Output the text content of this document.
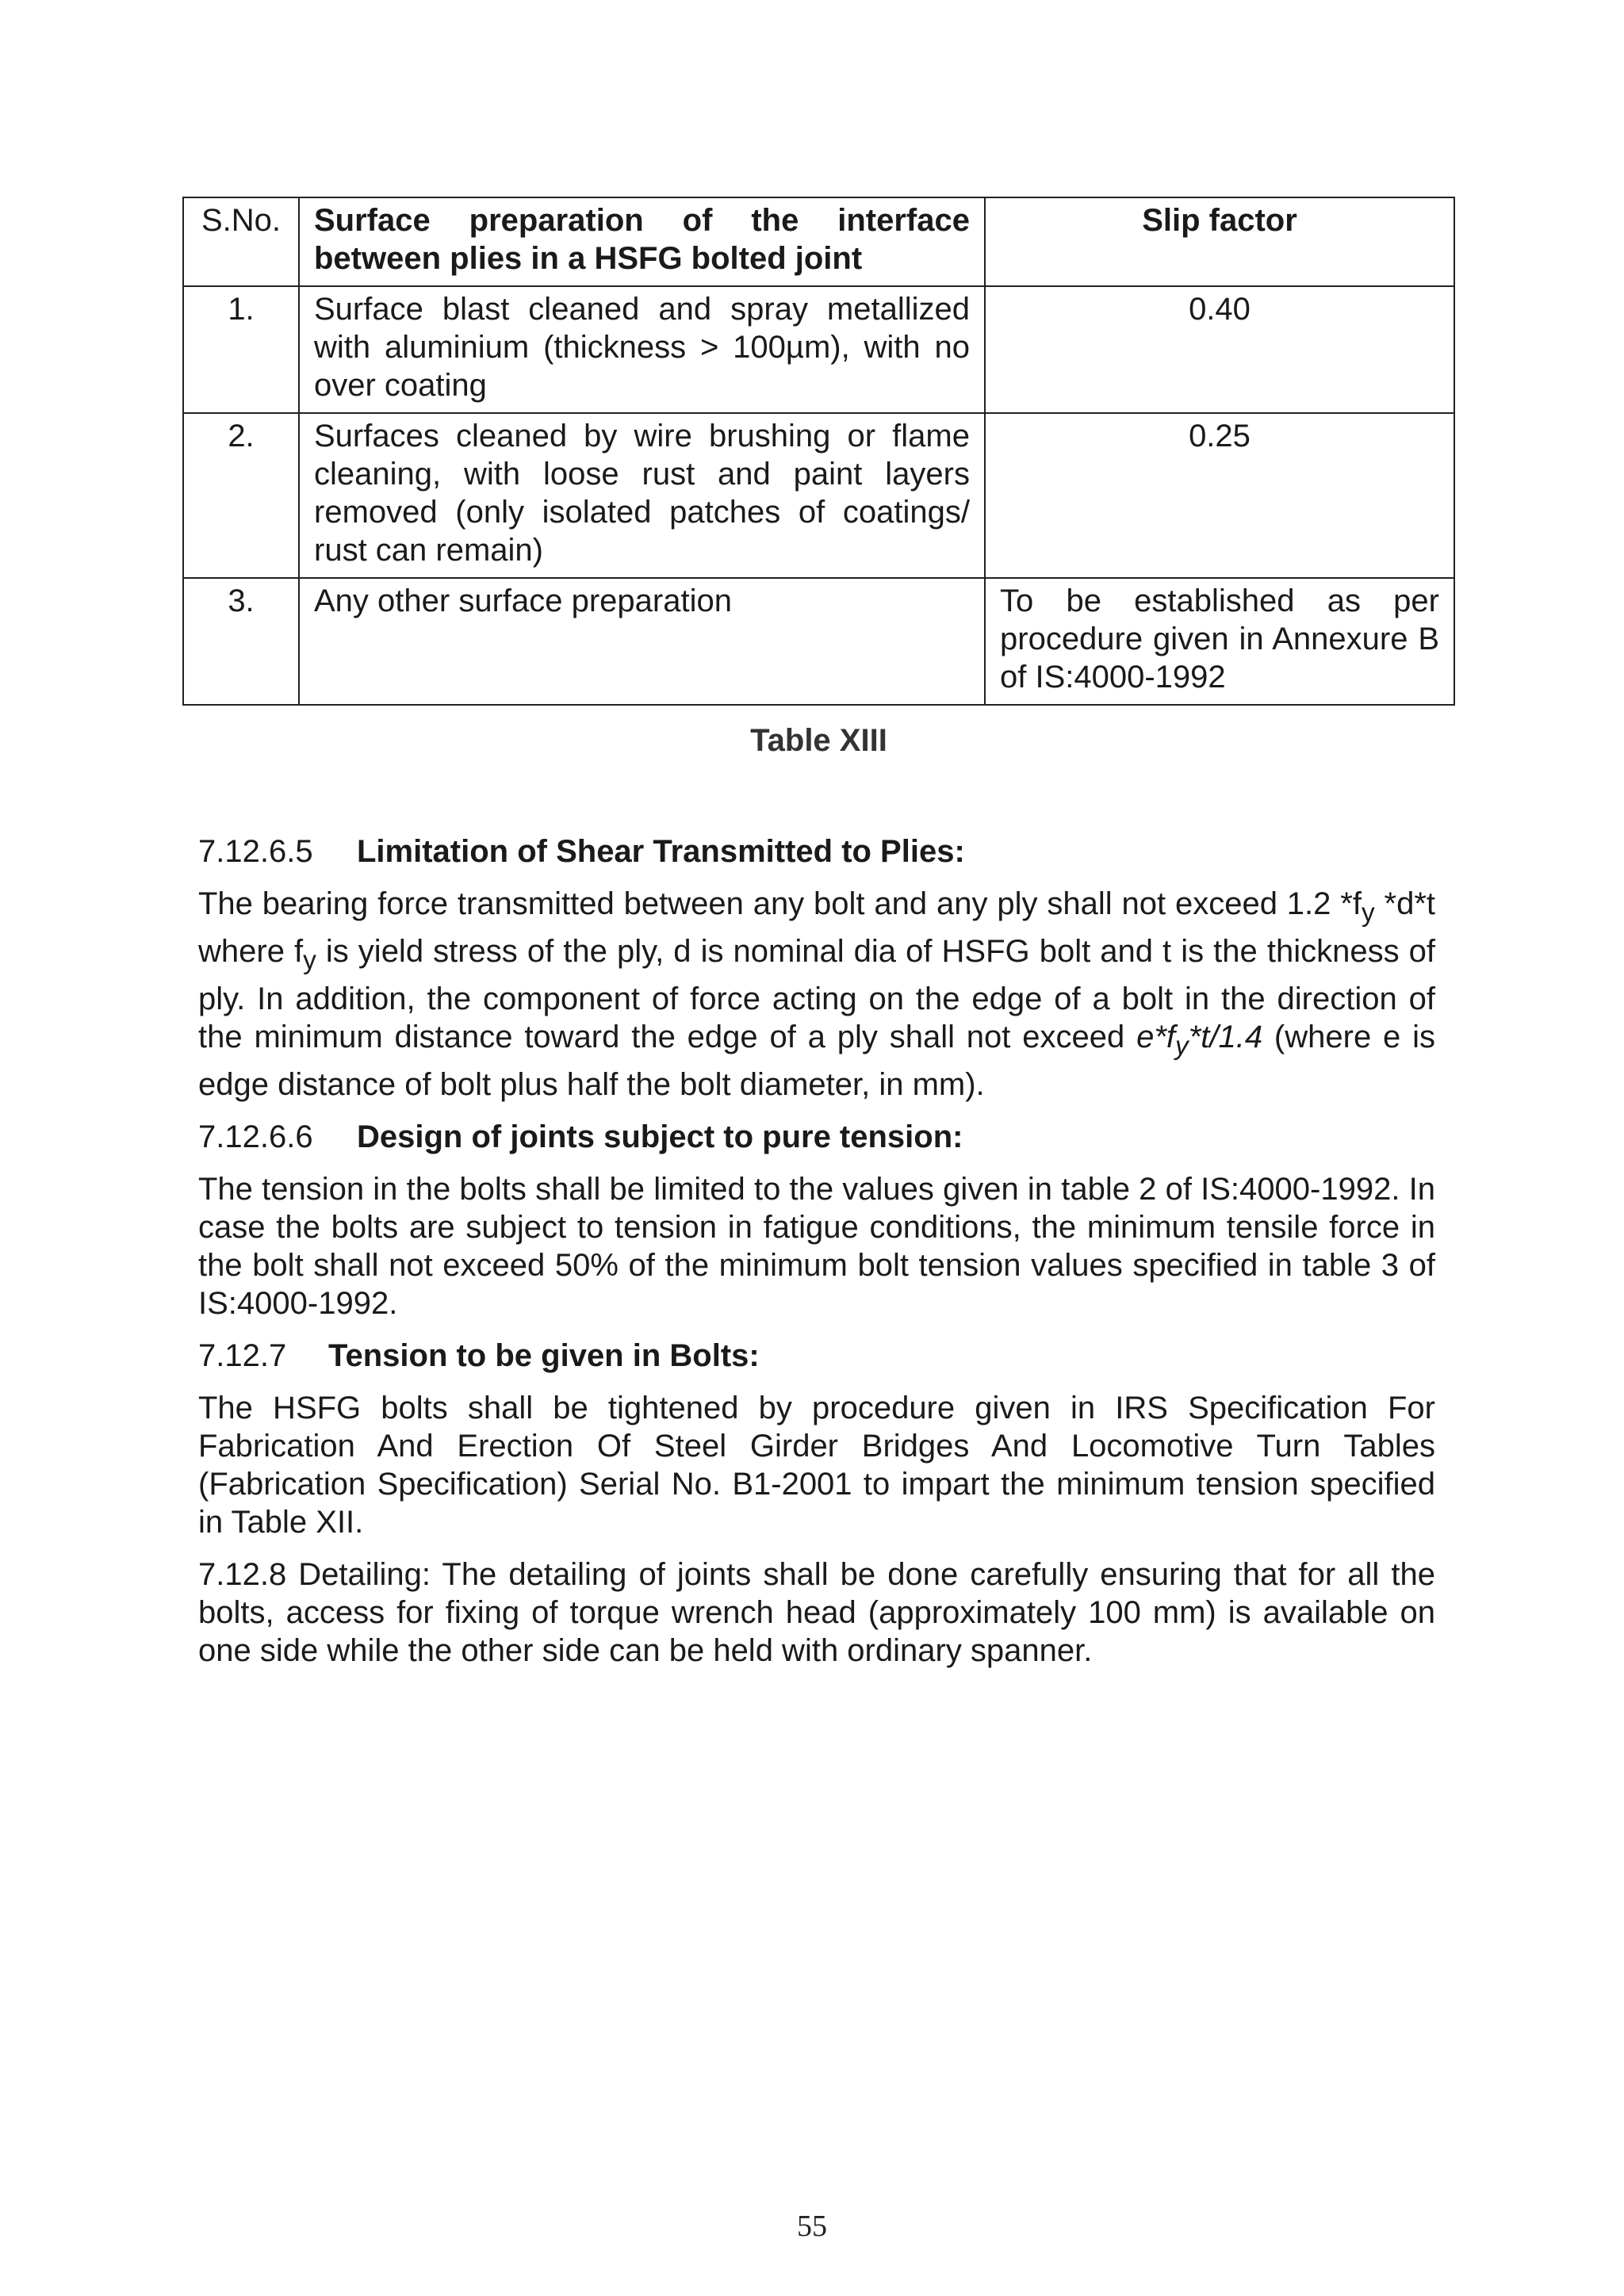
S.No.	Surface preparation of the interface between plies in a HSFG bolted joint	Slip factor
1.	Surface blast cleaned and spray metallized with aluminium (thickness > 100µm), with no over coating	0.40
2.	Surfaces cleaned by wire brushing or flame cleaning, with loose rust and paint layers removed (only isolated patches of coatings/ rust can remain)	0.25
3.	Any other surface preparation	To be established as per procedure given in Annexure B of IS:4000-1992
Table XIII
7.12.6.5 Limitation of Shear Transmitted to Plies:
The bearing force transmitted between any bolt and any ply shall not exceed 1.2 $*f_y$ *d*t where $f_y$ is yield stress of the ply, d is nominal dia of HSFG bolt and t is the thickness of ply. In addition, the component of force acting on the edge of a bolt in the direction of the minimum distance toward the edge of a ply shall not exceed $e*f_y*t/1.4$ (where e is edge distance of bolt plus half the bolt diameter, in mm).
7.12.6.6 Design of joints subject to pure tension:
The tension in the bolts shall be limited to the values given in table 2 of IS:4000-1992. In case the bolts are subject to tension in fatigue conditions, the minimum tensile force in the bolt shall not exceed 50% of the minimum bolt tension values specified in table 3 of IS:4000-1992.
7.12.7 Tension to be given in Bolts:
The HSFG bolts shall be tightened by procedure given in IRS Specification For Fabrication And Erection Of Steel Girder Bridges And Locomotive Turn Tables (Fabrication Specification) Serial No. B1-2001 to impart the minimum tension specified in Table XII.
7.12.8 Detailing: The detailing of joints shall be done carefully ensuring that for all the bolts, access for fixing of torque wrench head (approximately 100 mm) is available on one side while the other side can be held with ordinary spanner.
55
